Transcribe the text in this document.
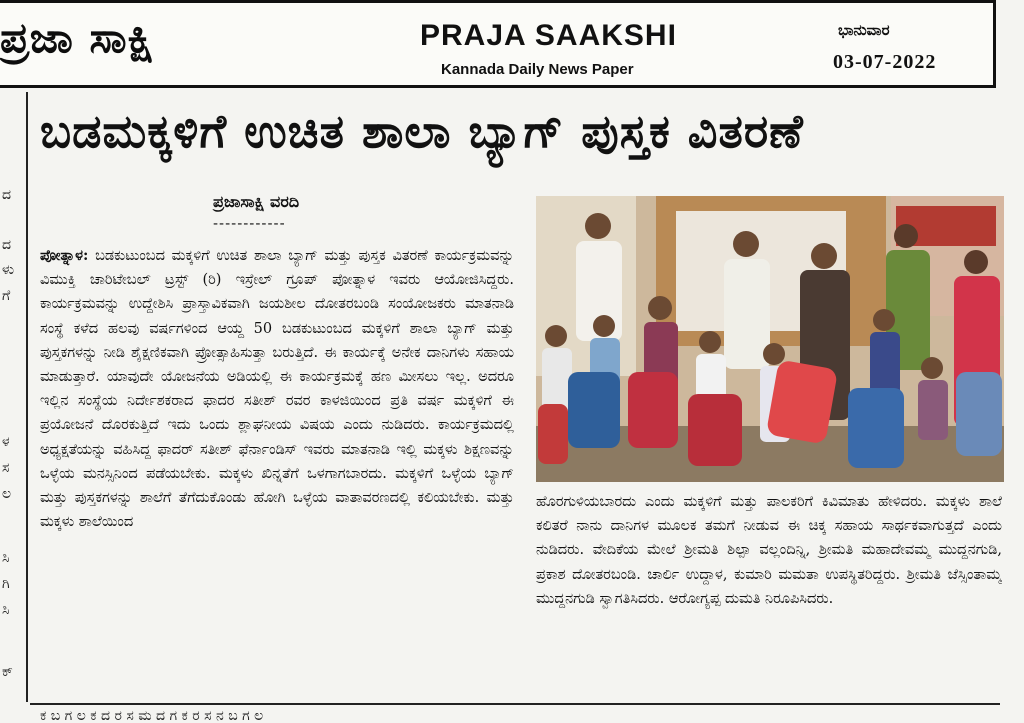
ಪ್ರಜಾ ಸಾಕ್ಷಿ	PRAJA SAAKSHI
Kannada Daily News Paper
ಭಾನುವಾರ
03-07-2022
ದ
ದ
ಳು
ಗೆ
ಳ
ಸ
ಲ
ಸಿ
ಗಿ
ಸಿ
ಕ್
ಬಡಮಕ್ಕಳಿಗೆ ಉಚಿತ ಶಾಲಾ ಬ್ಯಾಗ್ ಪುಸ್ತಕ ವಿತರಣೆ
ಪ್ರಜಾಸಾಕ್ಷಿ ವರದಿ
------------
ಪೋತ್ನಾಳ: ಬಡಕುಟುಂಬದ ಮಕ್ಕಳಿಗೆ ಉಚಿತ ಶಾಲಾ ಬ್ಯಾಗ್ ಮತ್ತು ಪುಸ್ತಕ ವಿತರಣೆ ಕಾರ್ಯಕ್ರಮವನ್ನು ವಿಮುಕ್ತಿ ಚಾರಿಟೇಬಲ್ ಟ್ರಸ್ಟ್ (ರಿ) ಇಸ್ರೇಲ್ ಗ್ರೂಪ್ ಪೋತ್ನಾಳ ಇವರು ಆಯೋಜಿಸಿದ್ದರು. ಕಾರ್ಯಕ್ರಮವನ್ನು ಉದ್ದೇಶಿಸಿ ಪ್ರಾಸ್ತಾವಿಕವಾಗಿ ಜಯಶೀಲ ದೋತರಬಂಡಿ ಸಂಯೋಜಕರು ಮಾತನಾಡಿ ಸಂಸ್ಥೆ ಕಳೆದ ಹಲವು ವರ್ಷಗಳಿಂದ ಆಯ್ದ 50 ಬಡಕುಟುಂಬದ ಮಕ್ಕಳಿಗೆ ಶಾಲಾ ಬ್ಯಾಗ್ ಮತ್ತು ಪುಸ್ತಕಗಳನ್ನು ನೀಡಿ ಶೈಕ್ಷಣಿಕವಾಗಿ ಪ್ರೋತ್ಸಾಹಿಸುತ್ತಾ ಬರುತ್ತಿದೆ. ಈ ಕಾರ್ಯಕ್ಕೆ ಅನೇಕ ದಾನಿಗಳು ಸಹಾಯ ಮಾಡುತ್ತಾರೆ. ಯಾವುದೇ ಯೋಜನೆಯ ಅಡಿಯಲ್ಲಿ ಈ ಕಾರ್ಯಕ್ರಮಕ್ಕೆ ಹಣ ಮೀಸಲು ಇಲ್ಲ. ಅದರೂ ಇಲ್ಲಿನ ಸಂಸ್ಥೆಯ ನಿರ್ದೇಶಕರಾದ ಫಾದರ ಸತೀಶ್ ರವರ ಕಾಳಜಿಯಿಂದ ಪ್ರತಿ ವರ್ಷ ಮಕ್ಕಳಿಗೆ ಈ ಪ್ರಯೋಜನೆ ದೊರಕುತ್ತಿದೆ ಇದು ಒಂದು ಶ್ಲಾಘನೀಯ ವಿಷಯ ಎಂದು ನುಡಿದರು. ಕಾರ್ಯಕ್ರಮದಲ್ಲಿ ಅಧ್ಯಕ್ಷತೆಯನ್ನು ವಹಿಸಿದ್ದ ಫಾದರ್ ಸತೀಶ್ ಫೆರ್ನಾಂಡಿಸ್ ಇವರು ಮಾತನಾಡಿ ಇಲ್ಲಿ ಮಕ್ಕಳು ಶಿಕ್ಷಣವನ್ನು ಒಳ್ಳೆಯ ಮನಸ್ಸಿನಿಂದ ಪಡೆಯಬೇಕು. ಮಕ್ಕಳು ಖಿನ್ನತೆಗೆ ಒಳಗಾಗಬಾರದು. ಮಕ್ಕಳಿಗೆ ಒಳ್ಳೆಯ ಬ್ಯಾಗ್ ಮತ್ತು ಪುಸ್ತಕಗಳನ್ನು ಶಾಲೆಗೆ ತೆಗೆದುಕೊಂಡು ಹೋಗಿ ಒಳ್ಳೆಯ ವಾತಾವರಣದಲ್ಲಿ ಕಲಿಯಬೇಕು. ಮತ್ತು ಮಕ್ಕಳು ಶಾಲೆಯಿಂದ
ಹೊರಗುಳಿಯಬಾರದು ಎಂದು ಮಕ್ಕಳಿಗೆ ಮತ್ತು ಪಾಲಕರಿಗೆ ಕಿವಿಮಾತು ಹೇಳಿದರು. ಮಕ್ಕಳು ಶಾಲೆ ಕಲಿತರೆ ನಾನು ದಾನಿಗಳ ಮೂಲಕ ತಮಗೆ ನೀಡುವ ಈ ಚಿಕ್ಕ ಸಹಾಯ ಸಾರ್ಥಕವಾಗುತ್ತದೆ ಎಂದು ನುಡಿದರು. ವೇದಿಕೆಯ ಮೇಲೆ ಶ್ರೀಮತಿ ಶಿಲ್ಪಾ ವಲ್ಲಂದಿನ್ನಿ, ಶ್ರೀಮತಿ ಮಹಾದೇವಮ್ಮ ಮುದ್ದನಗುಡಿ, ಪ್ರಕಾಶ ದೋತರಬಂಡಿ. ಚಾರ್ಲಿ ಉದ್ದಾಳ, ಕುಮಾರಿ ಮಮತಾ ಉಪಸ್ಥಿತರಿದ್ದರು. ಶ್ರೀಮತಿ ಜೆಸ್ಸಿಂತಾಮ್ಮ ಮುದ್ದನಗುಡಿ ಸ್ವಾಗತಿಸಿದರು. ಆರೋಗ್ಯಪ್ಪ ದುಮತಿ ನಿರೂಪಿಸಿದರು.
ಕ ಬ ಗ ಲ ಕ ದ ರ ಸ ಮ ದ ಗ ಕ ರ ಸ ನ ಬ ಗ ಲ
